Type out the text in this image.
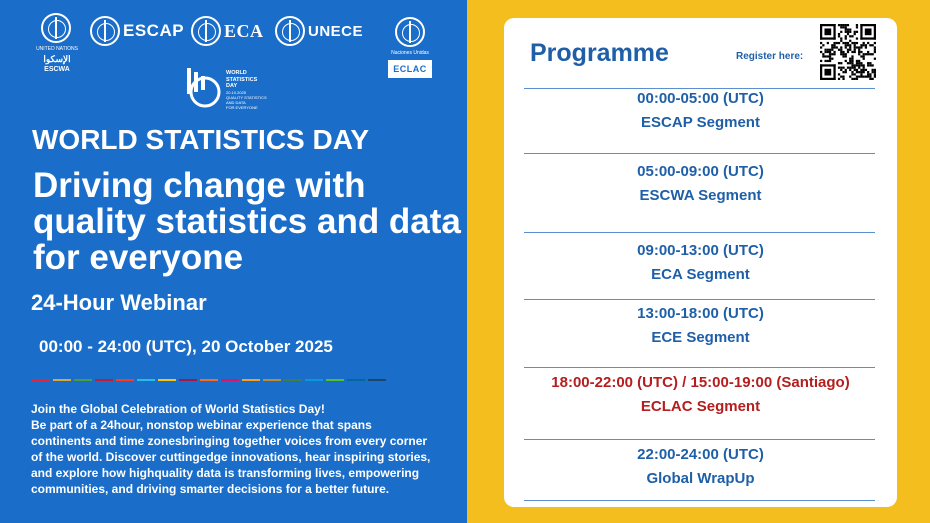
UNITED NATIONS
الإسكوا
ESCWA
ESCAP ECA	UNECE
Naciones Unidas
ECLAC
WORLD
STATISTICS
DAY
20.10.2025
QUALITY STATISTICS
AND DATA
FOR EVERYONE
WORLD STATISTICS DAY
Driving change with quality statistics and data for everyone
24-Hour Webinar
00:00 - 24:00 (UTC), 20 October 2025
Join the Global Celebration of World Statistics Day!
Be part of a 24hour, nonstop webinar experience that spans
continents and time zonesbringing together voices from every corner
of the world. Discover cuttingedge innovations, hear inspiring stories,
and explore how highquality data is transforming lives, empowering
communities, and driving smarter decisions for a better future.
Programme	Register here:
00:00-05:00 (UTC)
ESCAP Segment
05:00-09:00 (UTC)
ESCWA Segment
09:00-13:00 (UTC)
ECA Segment
13:00-18:00 (UTC)
ECE Segment
18:00-22:00 (UTC) / 15:00-19:00 (Santiago)
ECLAC Segment
22:00-24:00 (UTC)
Global WrapUp
